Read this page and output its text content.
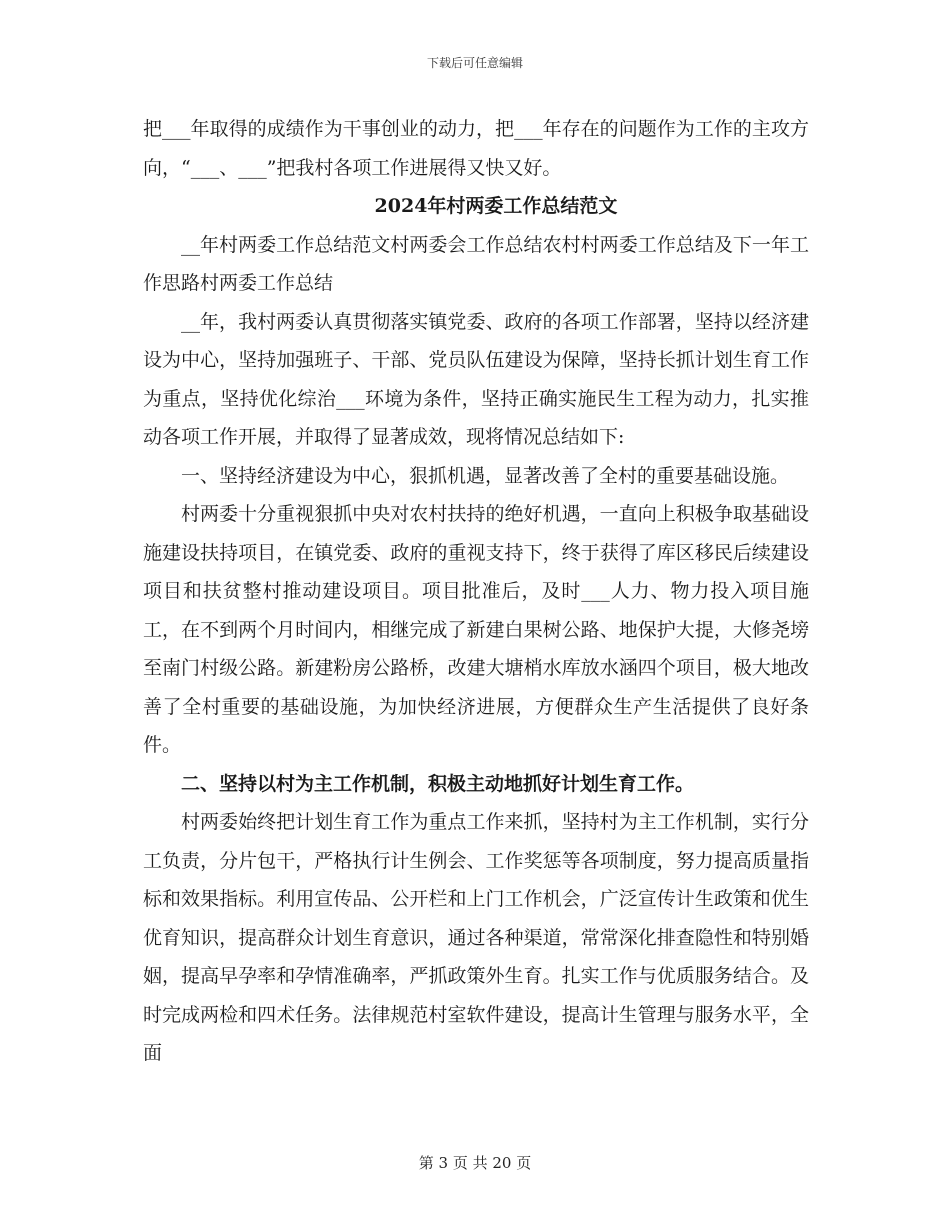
下载后可任意编辑

把___年取得的成绩作为干事创业的动力，把___年存在的问题作为工作的主攻方向，“___、___”把我村各项工作进展得又快又好。

2024年村两委工作总结范文

__年村两委工作总结范文村两委会工作总结农村村两委工作总结及下一年工作思路村两委工作总结

__年，我村两委认真贯彻落实镇党委、政府的各项工作部署，坚持以经济建设为中心，坚持加强班子、干部、党员队伍建设为保障，坚持长抓计划生育工作为重点，坚持优化综治___环境为条件，坚持正确实施民生工程为动力，扎实推动各项工作开展，并取得了显著成效，现将情况总结如下:

一、坚持经济建设为中心，狠抓机遇，显著改善了全村的重要基础设施。

村两委十分重视狠抓中央对农村扶持的绝好机遇，一直向上积极争取基础设施建设扶持项目，在镇党委、政府的重视支持下，终于获得了库区移民后续建设项目和扶贫整村推动建设项目。项目批准后，及时___人力、物力投入项目施工，在不到两个月时间内，相继完成了新建白果树公路、地保护大提，大修尧塝至南门村级公路。新建粉房公路桥，改建大塘梢水库放水涵四个项目，极大地改善了全村重要的基础设施，为加快经济进展，方便群众生产生活提供了良好条件。

二、坚持以村为主工作机制，积极主动地抓好计划生育工作。

村两委始终把计划生育工作为重点工作来抓，坚持村为主工作机制，实行分工负责，分片包干，严格执行计生例会、工作奖惩等各项制度，努力提高质量指标和效果指标。利用宣传品、公开栏和上门工作机会，广泛宣传计生政策和优生优育知识，提高群众计划生育意识，通过各种渠道，常常深化排查隐性和特别婚姻，提高早孕率和孕情准确率，严抓政策外生育。扎实工作与优质服务结合。及时完成两检和四术任务。法律规范村室软件建设，提高计生管理与服务水平，全面

第 3 页 共 20 页
